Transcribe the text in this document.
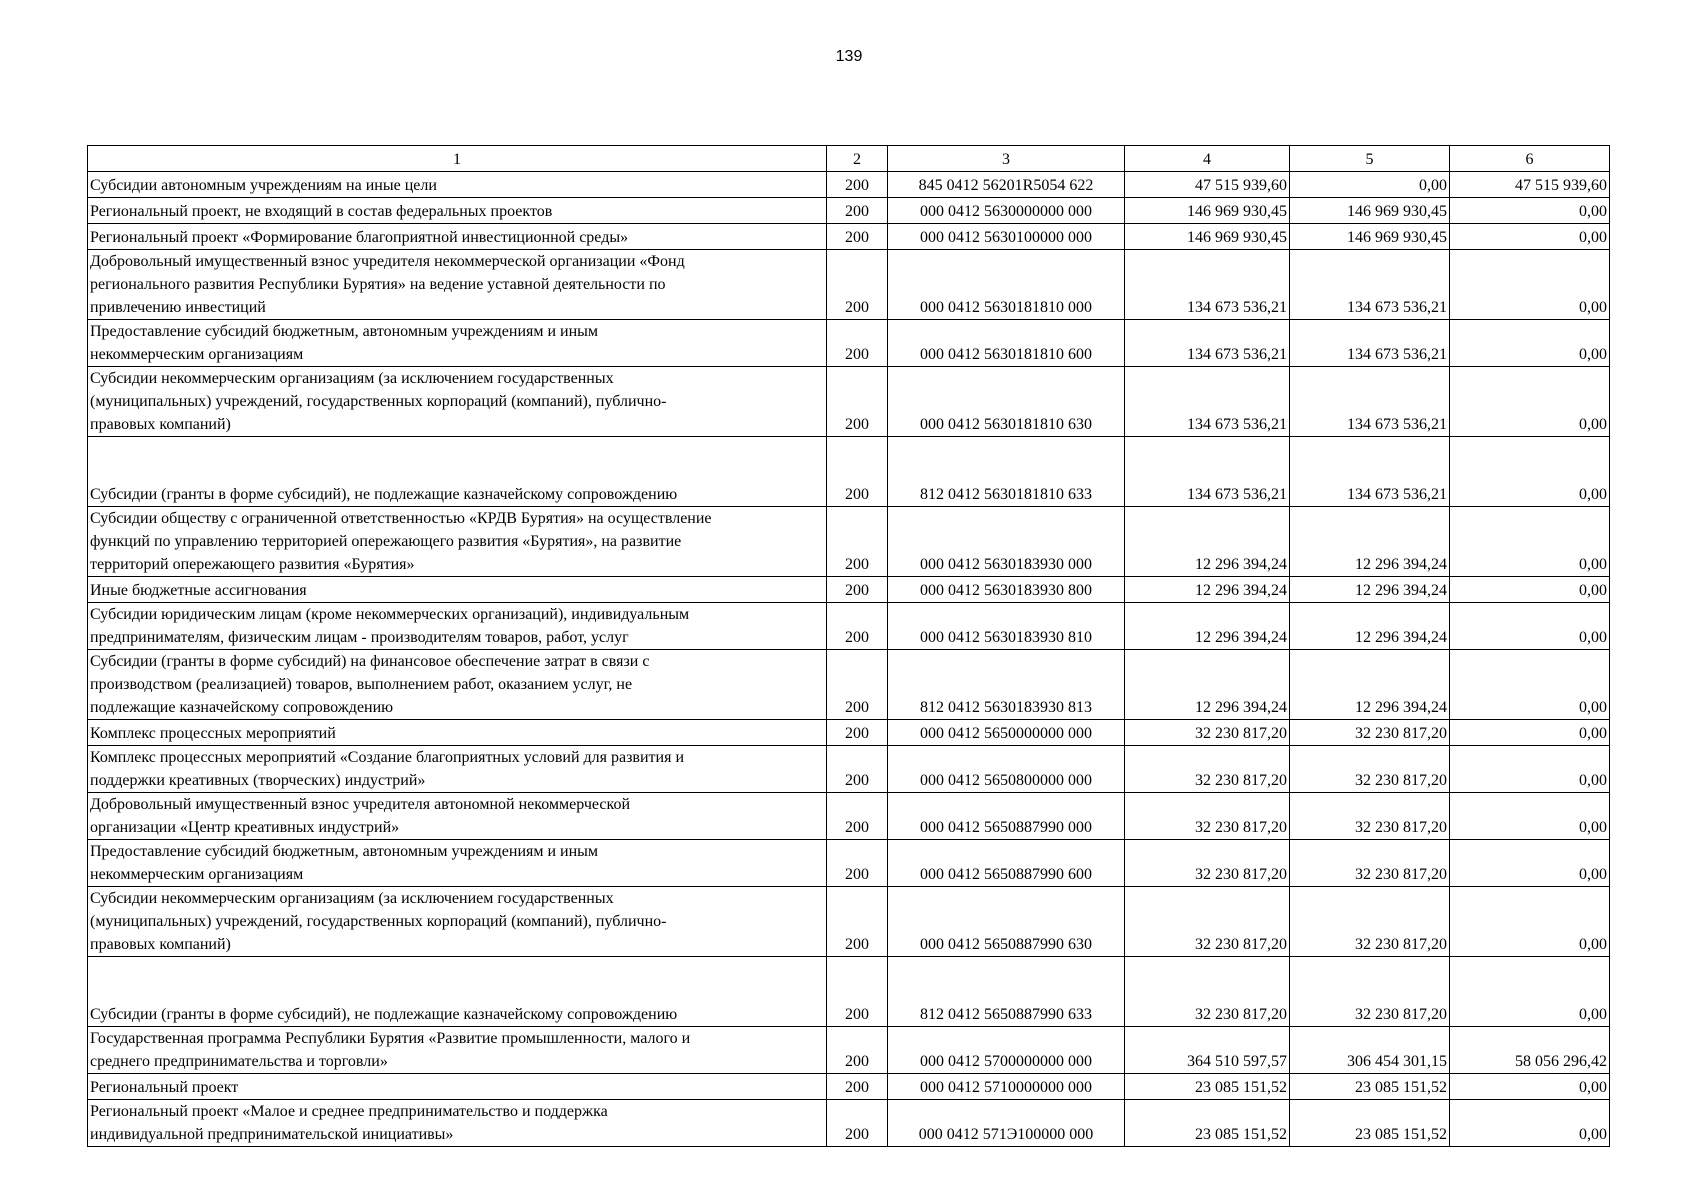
139
1	2	3	4	5	6

Субсидии автономным учреждениям на иные цели	200	845 0412 56201R5054 622	47 515 939,60	0,00	47 515 939,60

Региональный проект, не входящий в состав федеральных проектов	200	000 0412 5630000000 000	146 969 930,45	146 969 930,45	0,00

Региональный проект «Формирование благоприятной инвестиционной среды»	200	000 0412 5630100000 000	146 969 930,45	146 969 930,45	0,00

Добровольный имущественный взнос учредителя некоммерческой организации «Фонд
регионального развития Республики Бурятия» на ведение уставной деятельности по
привлечению инвестиций	200	000 0412 5630181810 000	134 673 536,21	134 673 536,21	0,00

Предоставление субсидий бюджетным, автономным учреждениям и иным
некоммерческим организациям	200	000 0412 5630181810 600	134 673 536,21	134 673 536,21	0,00

Субсидии некоммерческим организациям (за исключением государственных
(муниципальных) учреждений, государственных корпораций (компаний), публично-
правовых компаний)	200	000 0412 5630181810 630	134 673 536,21	134 673 536,21	0,00

Субсидии (гранты в форме субсидий), не подлежащие казначейскому сопровождению	200	812 0412 5630181810 633	134 673 536,21	134 673 536,21	0,00

Субсидии обществу с ограниченной ответственностью «КРДВ Бурятия» на осуществление
функций по управлению территорией опережающего развития «Бурятия», на развитие
территорий опережающего развития «Бурятия»	200	000 0412 5630183930 000	12 296 394,24	12 296 394,24	0,00

Иные бюджетные ассигнования	200	000 0412 5630183930 800	12 296 394,24	12 296 394,24	0,00

Субсидии юридическим лицам (кроме некоммерческих организаций), индивидуальным
предпринимателям, физическим лицам - производителям товаров, работ, услуг	200	000 0412 5630183930 810	12 296 394,24	12 296 394,24	0,00

Субсидии (гранты в форме субсидий) на финансовое обеспечение затрат в связи с
производством (реализацией) товаров, выполнением работ, оказанием услуг, не
подлежащие казначейскому сопровождению	200	812 0412 5630183930 813	12 296 394,24	12 296 394,24	0,00

Комплекс процессных мероприятий	200	000 0412 5650000000 000	32 230 817,20	32 230 817,20	0,00

Комплекс процессных мероприятий «Создание благоприятных условий для развития и
поддержки креативных (творческих) индустрий»	200	000 0412 5650800000 000	32 230 817,20	32 230 817,20	0,00

Добровольный имущественный взнос учредителя автономной некоммерческой
организации «Центр креативных индустрий»	200	000 0412 5650887990 000	32 230 817,20	32 230 817,20	0,00

Предоставление субсидий бюджетным, автономным учреждениям и иным
некоммерческим организациям	200	000 0412 5650887990 600	32 230 817,20	32 230 817,20	0,00

Субсидии некоммерческим организациям (за исключением государственных
(муниципальных) учреждений, государственных корпораций (компаний), публично-
правовых компаний)	200	000 0412 5650887990 630	32 230 817,20	32 230 817,20	0,00

Субсидии (гранты в форме субсидий), не подлежащие казначейскому сопровождению	200	812 0412 5650887990 633	32 230 817,20	32 230 817,20	0,00

Государственная программа Республики Бурятия «Развитие промышленности, малого и
среднего предпринимательства и торговли»	200	000 0412 5700000000 000	364 510 597,57	306 454 301,15	58 056 296,42

Региональный проект	200	000 0412 5710000000 000	23 085 151,52	23 085 151,52	0,00

Региональный проект «Малое и среднее предпринимательство и поддержка
индивидуальной предпринимательской инициативы»	200	000 0412 571Э100000 000	23 085 151,52	23 085 151,52	0,00
